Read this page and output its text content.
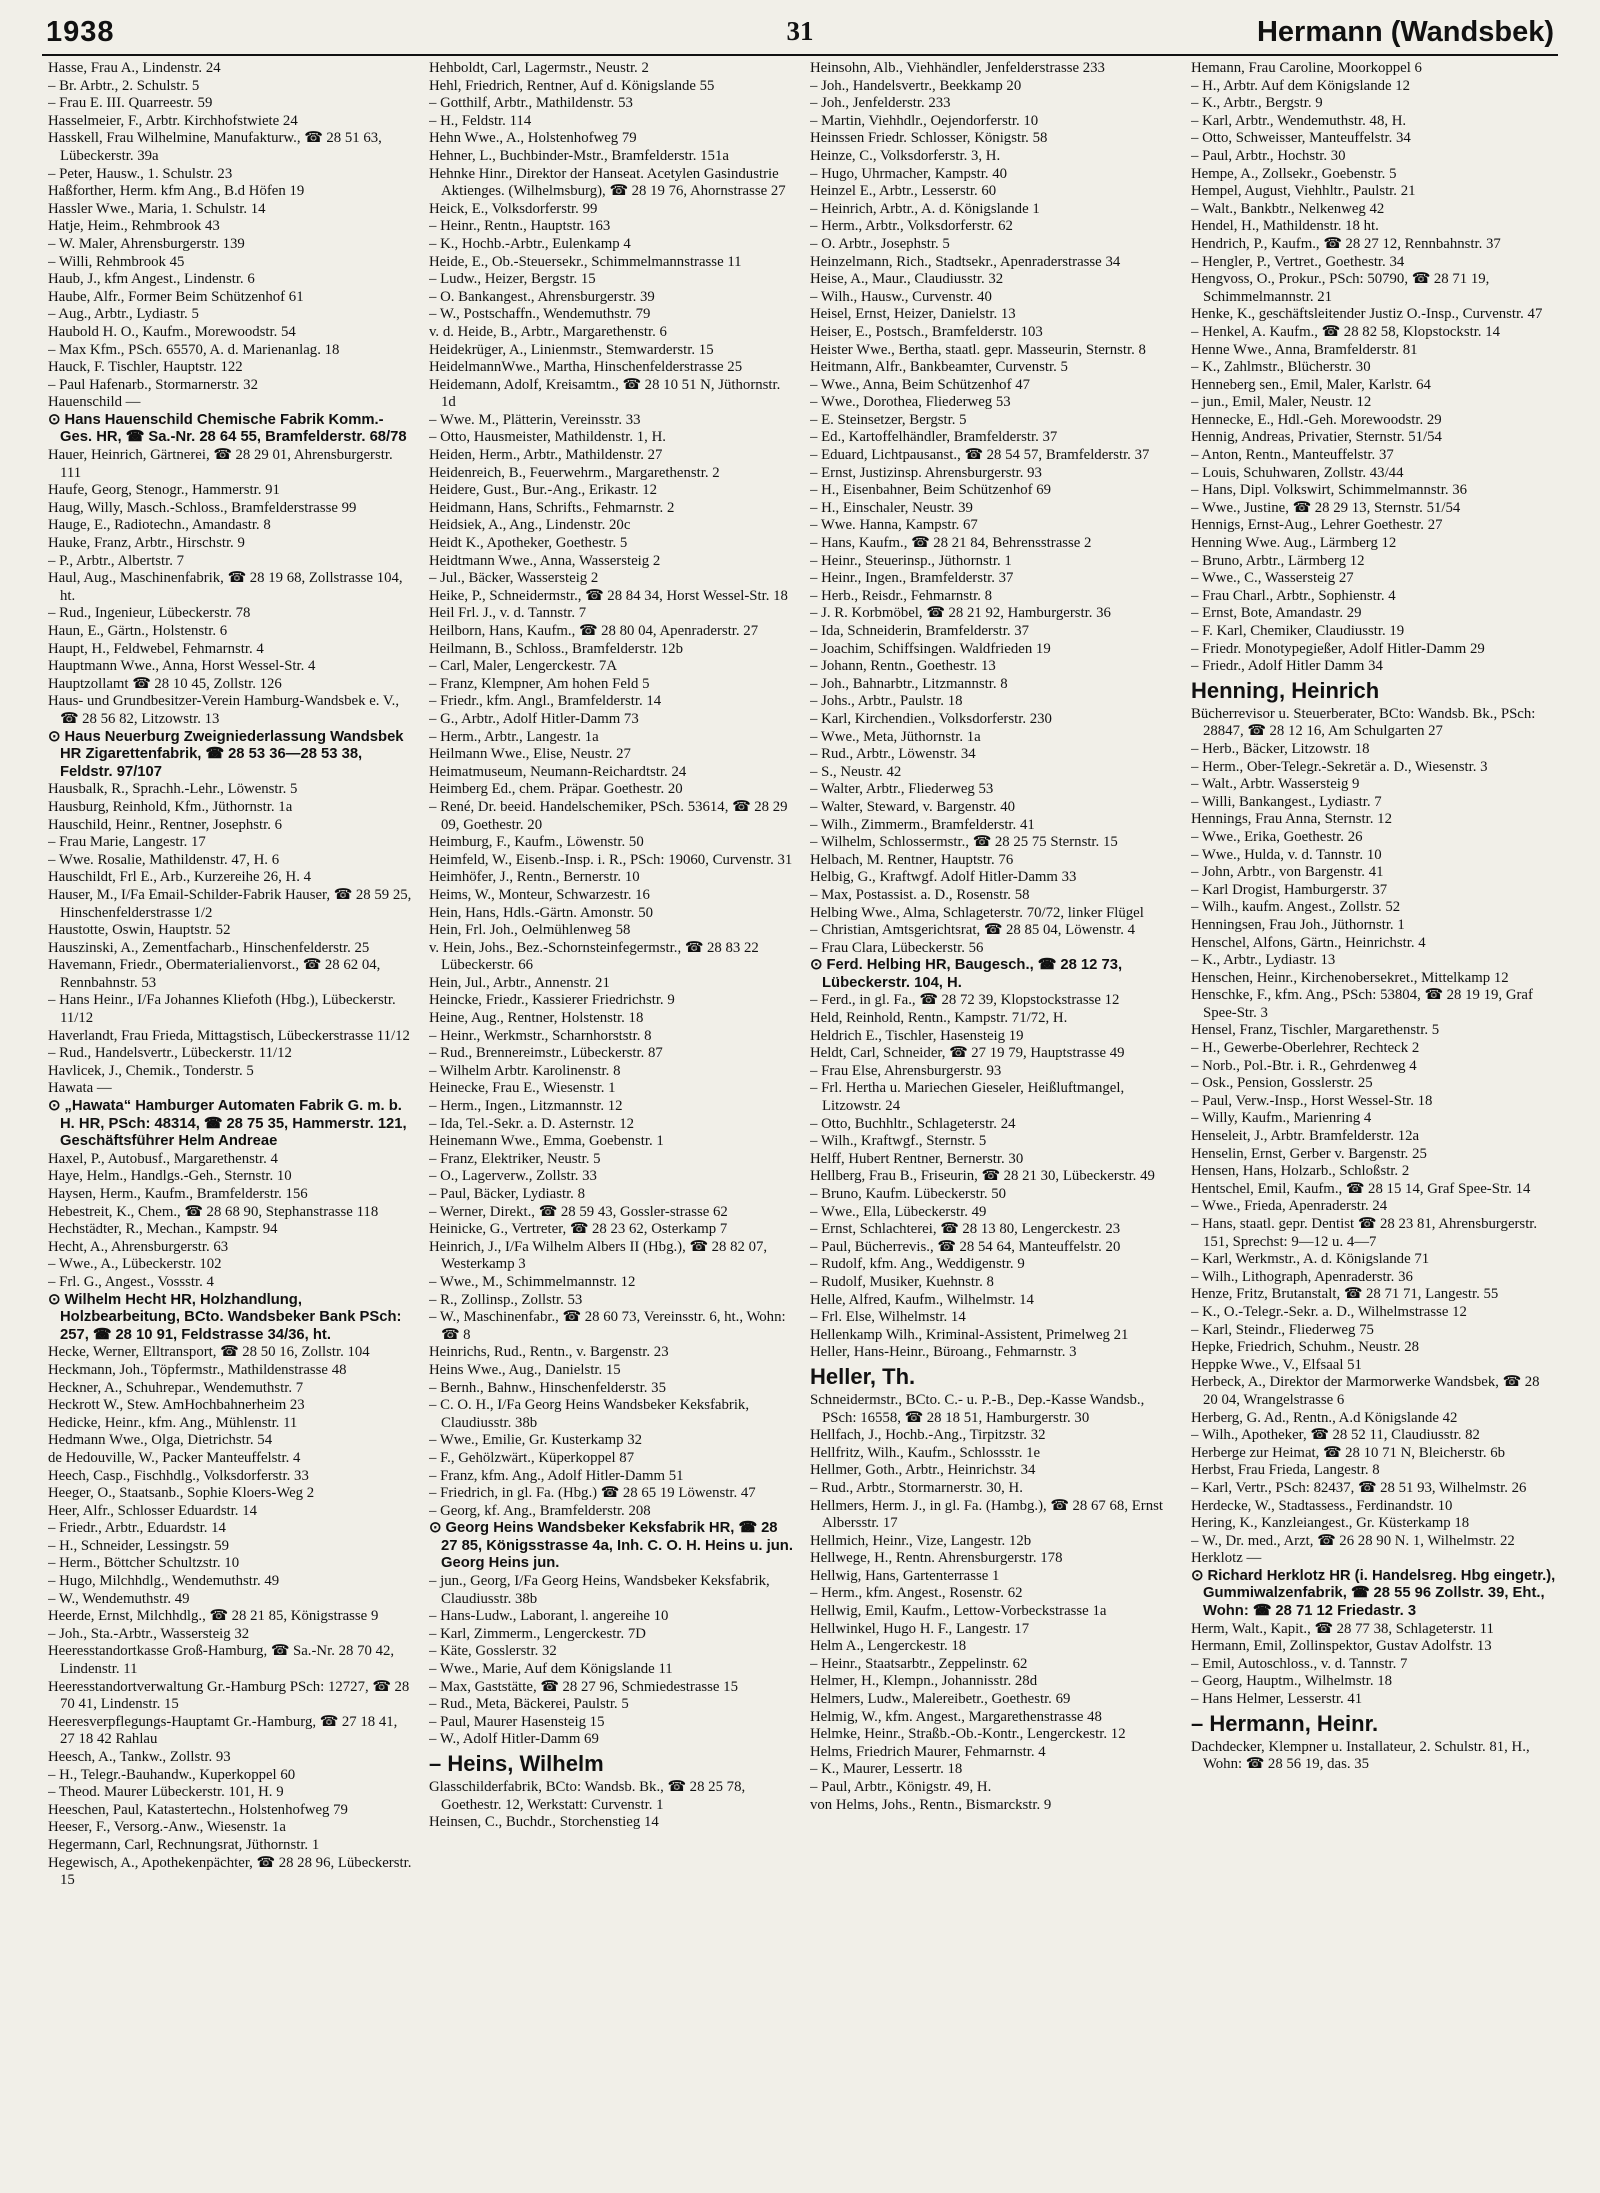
1938	31	Hermann (Wandsbek)
Hasse, Frau A., Lindenstr. 24
– Br. Arbtr., 2. Schulstr. 5
– Frau E. III. Quarreestr. 59
Hasselmeier, F., Arbtr. Kirchhofstwiete 24
Hasskell, Frau Wilhelmine, Manufakturw., ☎ 28 51 63, Lübeckerstr. 39a
– Peter, Hausw., 1. Schulstr. 23
Haßforther, Herm. kfm Ang., B.d Höfen 19
Hassler Wwe., Maria, 1. Schulstr. 14
Hatje, Heim., Rehmbrook 43
– W. Maler, Ahrensburgerstr. 139
– Willi, Rehmbrook 45
Haub, J., kfm Angest., Lindenstr. 6
Haube, Alfr., Former Beim Schützenhof 61
– Aug., Arbtr., Lydiastr. 5
Haubold H. O., Kaufm., Morewoodstr. 54
– Max Kfm., PSch. 65570, A. d. Marienanlag. 18
Hauck, F. Tischler, Hauptstr. 122
– Paul Hafenarb., Stormarnerstr. 32
Hauenschild —
⊙ Hans Hauenschild Chemische Fabrik Komm.-Ges. HR, ☎ Sa.-Nr. 28 64 55, Bramfelderstr. 68/78
Hauer, Heinrich, Gärtnerei, ☎ 28 29 01, Ahrensburgerstr. 111
Haufe, Georg, Stenogr., Hammerstr. 91
Haug, Willy, Masch.-Schloss., Bramfelderstrasse 99
Hauge, E., Radiotechn., Amandastr. 8
Hauke, Franz, Arbtr., Hirschstr. 9
– P., Arbtr., Albertstr. 7
Haul, Aug., Maschinenfabrik, ☎ 28 19 68, Zollstrasse 104, ht.
– Rud., Ingenieur, Lübeckerstr. 78
Haun, E., Gärtn., Holstenstr. 6
Haupt, H., Feldwebel, Fehmarnstr. 4
Hauptmann Wwe., Anna, Horst Wessel-Str. 4
Hauptzollamt ☎ 28 10 45, Zollstr. 126
Haus- und Grundbesitzer-Verein Hamburg-Wandsbek e. V., ☎ 28 56 82, Litzowstr. 13
⊙ Haus Neuerburg Zweigniederlassung Wandsbek HR Zigarettenfabrik, ☎ 28 53 36—28 53 38, Feldstr. 97/107
Hausbalk, R., Sprachh.-Lehr., Löwenstr. 5
Hausburg, Reinhold, Kfm., Jüthornstr. 1a
Hauschild, Heinr., Rentner, Josephstr. 6
– Frau Marie, Langestr. 17
– Wwe. Rosalie, Mathildenstr. 47, H. 6
Hauschildt, Frl E., Arb., Kurzereihe 26, H. 4
Hauser, M., I/Fa Email-Schilder-Fabrik Hauser, ☎ 28 59 25, Hinschenfelderstrasse 1/2
Haustotte, Oswin, Hauptstr. 52
Hauszinski, A., Zementfacharb., Hinschenfelderstr. 25
Havemann, Friedr., Obermaterialienvorst., ☎ 28 62 04, Rennbahnstr. 53
– Hans Heinr., I/Fa Johannes Kliefoth (Hbg.), Lübeckerstr. 11/12
Haverlandt, Frau Frieda, Mittagstisch, Lübeckerstrasse 11/12
– Rud., Handelsvertr., Lübeckerstr. 11/12
Havlicek, J., Chemik., Tonderstr. 5
Hawata —
⊙ „Hawata“ Hamburger Automaten Fabrik G. m. b. H. HR, PSch: 48314, ☎ 28 75 35, Hammerstr. 121, Geschäftsführer Helm Andreae
Haxel, P., Autobusf., Margarethenstr. 4
Haye, Helm., Handlgs.-Geh., Sternstr. 10
Haysen, Herm., Kaufm., Bramfelderstr. 156
Hebestreit, K., Chem., ☎ 28 68 90, Stephanstrasse 118
Hechstädter, R., Mechan., Kampstr. 94
Hecht, A., Ahrensburgerstr. 63
– Wwe., A., Lübeckerstr. 102
– Frl. G., Angest., Vossstr. 4
⊙ Wilhelm Hecht HR, Holzhandlung, Holzbearbeitung, BCto. Wandsbeker Bank PSch: 257, ☎ 28 10 91, Feldstrasse 34/36, ht.
Hecke, Werner, Elltransport, ☎ 28 50 16, Zollstr. 104
Heckmann, Joh., Töpfermstr., Mathildenstrasse 48
Heckner, A., Schuhrepar., Wendemuthstr. 7
Heckrott W., Stew. AmHochbahnerheim 23
Hedicke, Heinr., kfm. Ang., Mühlenstr. 11
Hedmann Wwe., Olga, Dietrichstr. 54
de Hedouville, W., Packer Manteuffelstr. 4
Heech, Casp., Fischhdlg., Volksdorferstr. 33
Heeger, O., Staatsanb., Sophie Kloers-Weg 2
Heer, Alfr., Schlosser Eduardstr. 14
– Friedr., Arbtr., Eduardstr. 14
– H., Schneider, Lessingstr. 59
– Herm., Böttcher Schultzstr. 10
– Hugo, Milchhdlg., Wendemuthstr. 49
– W., Wendemuthstr. 49
Heerde, Ernst, Milchhdlg., ☎ 28 21 85, Königstrasse 9
– Joh., Sta.-Arbtr., Wassersteig 32
Heeresstandortkasse Groß-Hamburg, ☎ Sa.-Nr. 28 70 42, Lindenstr. 11
Heeresstandortverwaltung Gr.-Hamburg PSch: 12727, ☎ 28 70 41, Lindenstr. 15
Heeresverpflegungs-Hauptamt Gr.-Hamburg, ☎ 27 18 41, 27 18 42 Rahlau
Heesch, A., Tankw., Zollstr. 93
– H., Telegr.-Bauhandw., Kuperkoppel 60
– Theod. Maurer Lübeckerstr. 101, H. 9
Heeschen, Paul, Katastertechn., Holstenhofweg 79
Heeser, F., Versorg.-Anw., Wiesenstr. 1a
Hegermann, Carl, Rechnungsrat, Jüthornstr. 1
Hegewisch, A., Apothekenpächter, ☎ 28 28 96, Lübeckerstr. 15
Hehboldt, Carl, Lagermstr., Neustr. 2
Hehl, Friedrich, Rentner, Auf d. Königslande 55
– Gotthilf, Arbtr., Mathildenstr. 53
– H., Feldstr. 114
Hehn Wwe., A., Holstenhofweg 79
Hehner, L., Buchbinder-Mstr., Bramfelderstr. 151a
Hehnke Hinr., Direktor der Hanseat. Acetylen Gasindustrie Aktienges. (Wilhelmsburg), ☎ 28 19 76, Ahornstrasse 27
Heick, E., Volksdorferstr. 99
– Heinr., Rentn., Hauptstr. 163
– K., Hochb.-Arbtr., Eulenkamp 4
Heide, E., Ob.-Steuersekr., Schimmelmannstrasse 11
– Ludw., Heizer, Bergstr. 15
– O. Bankangest., Ahrensburgerstr. 39
– W., Postschaffn., Wendemuthstr. 79
v. d. Heide, B., Arbtr., Margarethenstr. 6
Heidekrüger, A., Linienmstr., Stemwarderstr. 15
HeidelmannWwe., Martha, Hinschenfelderstrasse 25
Heidemann, Adolf, Kreisamtm., ☎ 28 10 51 N, Jüthornstr. 1d
– Wwe. M., Plätterin, Vereinsstr. 33
– Otto, Hausmeister, Mathildenstr. 1, H.
Heiden, Herm., Arbtr., Mathildenstr. 27
Heidenreich, B., Feuerwehrm., Margarethenstr. 2
Heidere, Gust., Bur.-Ang., Erikastr. 12
Heidmann, Hans, Schrifts., Fehmarnstr. 2
Heidsiek, A., Ang., Lindenstr. 20c
Heidt K., Apotheker, Goethestr. 5
Heidtmann Wwe., Anna, Wassersteig 2
– Jul., Bäcker, Wassersteig 2
Heike, P., Schneidermstr., ☎ 28 84 34, Horst Wessel-Str. 18
Heil Frl. J., v. d. Tannstr. 7
Heilborn, Hans, Kaufm., ☎ 28 80 04, Apenraderstr. 27
Heilmann, B., Schloss., Bramfelderstr. 12b
– Carl, Maler, Lengerckestr. 7A
– Franz, Klempner, Am hohen Feld 5
– Friedr., kfm. Angl., Bramfelderstr. 14
– G., Arbtr., Adolf Hitler-Damm 73
– Herm., Arbtr., Langestr. 1a
Heilmann Wwe., Elise, Neustr. 27
Heimatmuseum, Neumann-Reichardtstr. 24
Heimberg Ed., chem. Präpar. Goethestr. 20
– René, Dr. beeid. Handelschemiker, PSch. 53614, ☎ 28 29 09, Goethestr. 20
Heimburg, F., Kaufm., Löwenstr. 50
Heimfeld, W., Eisenb.-Insp. i. R., PSch: 19060, Curvenstr. 31
Heimhöfer, J., Rentn., Bernerstr. 10
Heims, W., Monteur, Schwarzestr. 16
Hein, Hans, Hdls.-Gärtn. Amonstr. 50
Hein, Frl. Joh., Oelmühlenweg 58
v. Hein, Johs., Bez.-Schornsteinfegermstr., ☎ 28 83 22 Lübeckerstr. 66
Hein, Jul., Arbtr., Annenstr. 21
Heincke, Friedr., Kassierer Friedrichstr. 9
Heine, Aug., Rentner, Holstenstr. 18
– Heinr., Werkmstr., Scharnhorststr. 8
– Rud., Brennereimstr., Lübeckerstr. 87
– Wilhelm Arbtr. Karolinenstr. 8
Heinecke, Frau E., Wiesenstr. 1
– Herm., Ingen., Litzmannstr. 12
– Ida, Tel.-Sekr. a. D. Asternstr. 12
Heinemann Wwe., Emma, Goebenstr. 1
– Franz, Elektriker, Neustr. 5
– O., Lagerverw., Zollstr. 33
– Paul, Bäcker, Lydiastr. 8
– Werner, Direkt., ☎ 28 59 43, Gossler-strasse 62
Heinicke, G., Vertreter, ☎ 28 23 62, Osterkamp 7
Heinrich, J., I/Fa Wilhelm Albers II (Hbg.), ☎ 28 82 07, Westerkamp 3
– Wwe., M., Schimmelmannstr. 12
– R., Zollinsp., Zollstr. 53
– W., Maschinenfabr., ☎ 28 60 73, Vereinsstr. 6, ht., Wohn: ☎ 8
Heinrichs, Rud., Rentn., v. Bargenstr. 23
Heins Wwe., Aug., Danielstr. 15
– Bernh., Bahnw., Hinschenfelderstr. 35
– C. O. H., I/Fa Georg Heins Wandsbeker Keksfabrik, Claudiusstr. 38b
– Wwe., Emilie, Gr. Kusterkamp 32
– F., Gehölzwärt., Küperkoppel 87
– Franz, kfm. Ang., Adolf Hitler-Damm 51
– Friedrich, in gl. Fa. (Hbg.) ☎ 28 65 19 Löwenstr. 47
– Georg, kf. Ang., Bramfelderstr. 208
⊙ Georg Heins Wandsbeker Keksfabrik HR, ☎ 28 27 85, Königsstrasse 4a, Inh. C. O. H. Heins u. jun. Georg Heins jun.
– jun., Georg, I/Fa Georg Heins, Wandsbeker Keksfabrik, Claudiusstr. 38b
– Hans-Ludw., Laborant, l. angereihe 10
– Karl, Zimmerm., Lengerckestr. 7D
– Käte, Gosslerstr. 32
– Wwe., Marie, Auf dem Königslande 11
– Max, Gaststätte, ☎ 28 27 96, Schmiedestrasse 15
– Rud., Meta, Bäckerei, Paulstr. 5
– Paul, Maurer Hasensteig 15
– W., Adolf Hitler-Damm 69
– Heins, Wilhelm
Glasschilderfabrik, BCto: Wandsb. Bk., ☎ 28 25 78, Goethestr. 12, Werkstatt: Curvenstr. 1
Heinsen, C., Buchdr., Storchenstieg 14
Heinsohn, Alb., Viehhändler, Jenfelderstrasse 233
– Joh., Handelsvertr., Beekkamp 20
– Joh., Jenfelderstr. 233
– Martin, Viehhdlr., Oejendorferstr. 10
Heinssen Friedr. Schlosser, Königstr. 58
Heinze, C., Volksdorferstr. 3, H.
– Hugo, Uhrmacher, Kampstr. 40
Heinzel E., Arbtr., Lesserstr. 60
– Heinrich, Arbtr., A. d. Königslande 1
– Herm., Arbtr., Volksdorferstr. 62
– O. Arbtr., Josephstr. 5
Heinzelmann, Rich., Stadtsekr., Apenraderstrasse 34
Heise, A., Maur., Claudiusstr. 32
– Wilh., Hausw., Curvenstr. 40
Heisel, Ernst, Heizer, Danielstr. 13
Heiser, E., Postsch., Bramfelderstr. 103
Heister Wwe., Bertha, staatl. gepr. Masseurin, Sternstr. 8
Heitmann, Alfr., Bankbeamter, Curvenstr. 5
– Wwe., Anna, Beim Schützenhof 47
– Wwe., Dorothea, Fliederweg 53
– E. Steinsetzer, Bergstr. 5
– Ed., Kartoffelhändler, Bramfelderstr. 37
– Eduard, Lichtpausanst., ☎ 28 54 57, Bramfelderstr. 37
– Ernst, Justizinsp. Ahrensburgerstr. 93
– H., Eisenbahner, Beim Schützenhof 69
– H., Einschaler, Neustr. 39
– Wwe. Hanna, Kampstr. 67
– Hans, Kaufm., ☎ 28 21 84, Behrensstrasse 2
– Heinr., Steuerinsp., Jüthornstr. 1
– Heinr., Ingen., Bramfelderstr. 37
– Herb., Reisdr., Fehmarnstr. 8
– J. R. Korbmöbel, ☎ 28 21 92, Hamburgerstr. 36
– Ida, Schneiderin, Bramfelderstr. 37
– Joachim, Schiffsingen. Waldfrieden 19
– Johann, Rentn., Goethestr. 13
– Joh., Bahnarbtr., Litzmannstr. 8
– Johs., Arbtr., Paulstr. 18
– Karl, Kirchendien., Volksdorferstr. 230
– Wwe., Meta, Jüthornstr. 1a
– Rud., Arbtr., Löwenstr. 34
– S., Neustr. 42
– Walter, Arbtr., Fliederweg 53
– Walter, Steward, v. Bargenstr. 40
– Wilh., Zimmerm., Bramfelderstr. 41
– Wilhelm, Schlossermstr., ☎ 28 25 75 Sternstr. 15
Helbach, M. Rentner, Hauptstr. 76
Helbig, G., Kraftwgf. Adolf Hitler-Damm 33
– Max, Postassist. a. D., Rosenstr. 58
Helbing Wwe., Alma, Schlageterstr. 70/72, linker Flügel
– Christian, Amtsgerichtsrat, ☎ 28 85 04, Löwenstr. 4
– Frau Clara, Lübeckerstr. 56
⊙ Ferd. Helbing HR, Baugesch., ☎ 28 12 73, Lübeckerstr. 104, H.
– Ferd., in gl. Fa., ☎ 28 72 39, Klopstockstrasse 12
Held, Reinhold, Rentn., Kampstr. 71/72, H.
Heldrich E., Tischler, Hasensteig 19
Heldt, Carl, Schneider, ☎ 27 19 79, Hauptstrasse 49
– Frau Else, Ahrensburgerstr. 93
– Frl. Hertha u. Mariechen Gieseler, Heißluftmangel, Litzowstr. 24
– Otto, Buchhltr., Schlageterstr. 24
– Wilh., Kraftwgf., Sternstr. 5
Helff, Hubert Rentner, Bernerstr. 30
Hellberg, Frau B., Friseurin, ☎ 28 21 30, Lübeckerstr. 49
– Bruno, Kaufm. Lübeckerstr. 50
– Wwe., Ella, Lübeckerstr. 49
– Ernst, Schlachterei, ☎ 28 13 80, Lengerckestr. 23
– Paul, Bücherrevis., ☎ 28 54 64, Manteuffelstr. 20
– Rudolf, kfm. Ang., Weddigenstr. 9
– Rudolf, Musiker, Kuehnstr. 8
Helle, Alfred, Kaufm., Wilhelmstr. 14
– Frl. Else, Wilhelmstr. 14
Hellenkamp Wilh., Kriminal-Assistent, Primelweg 21
Heller, Hans-Heinr., Büroang., Fehmarnstr. 3
Heller, Th.
Schneidermstr., BCto. C.- u. P.-B., Dep.-Kasse Wandsb., PSch: 16558, ☎ 28 18 51, Hamburgerstr. 30
Hellfach, J., Hochb.-Ang., Tirpitzstr. 32
Hellfritz, Wilh., Kaufm., Schlossstr. 1e
Hellmer, Goth., Arbtr., Heinrichstr. 34
– Rud., Arbtr., Stormarnerstr. 30, H.
Hellmers, Herm. J., in gl. Fa. (Hambg.), ☎ 28 67 68, Ernst Albersstr. 17
Hellmich, Heinr., Vize, Langestr. 12b
Hellwege, H., Rentn. Ahrensburgerstr. 178
Hellwig, Hans, Gartenterrasse 1
– Herm., kfm. Angest., Rosenstr. 62
Hellwig, Emil, Kaufm., Lettow-Vorbeckstrasse 1a
Hellwinkel, Hugo H. F., Langestr. 17
Helm A., Lengerckestr. 18
– Heinr., Staatsarbtr., Zeppelinstr. 62
Helmer, H., Klempn., Johannisstr. 28d
Helmers, Ludw., Malereibetr., Goethestr. 69
Helmig, W., kfm. Angest., Margarethenstrasse 48
Helmke, Heinr., Straßb.-Ob.-Kontr., Lengerckestr. 12
Helms, Friedrich Maurer, Fehmarnstr. 4
– K., Maurer, Lessertr. 18
– Paul, Arbtr., Königstr. 49, H.
von Helms, Johs., Rentn., Bismarckstr. 9
Hemann, Frau Caroline, Moorkoppel 6
– H., Arbtr. Auf dem Königslande 12
– K., Arbtr., Bergstr. 9
– Karl, Arbtr., Wendemuthstr. 48, H.
– Otto, Schweisser, Manteuffelstr. 34
– Paul, Arbtr., Hochstr. 30
Hempe, A., Zollsekr., Goebenstr. 5
Hempel, August, Viehhltr., Paulstr. 21
– Walt., Bankbtr., Nelkenweg 42
Hendel, H., Mathildenstr. 18 ht.
Hendrich, P., Kaufm., ☎ 28 27 12, Rennbahnstr. 37
– Hengler, P., Vertret., Goethestr. 34
Hengvoss, O., Prokur., PSch: 50790, ☎ 28 71 19, Schimmelmannstr. 21
Henke, K., geschäftsleitender Justiz O.-Insp., Curvenstr. 47
– Henkel, A. Kaufm., ☎ 28 82 58, Klopstockstr. 14
Henne Wwe., Anna, Bramfelderstr. 81
– K., Zahlmstr., Blücherstr. 30
Henneberg sen., Emil, Maler, Karlstr. 64
– jun., Emil, Maler, Neustr. 12
Hennecke, E., Hdl.-Geh. Morewoodstr. 29
Hennig, Andreas, Privatier, Sternstr. 51/54
– Anton, Rentn., Manteuffelstr. 37
– Louis, Schuhwaren, Zollstr. 43/44
– Hans, Dipl. Volkswirt, Schimmelmannstr. 36
– Wwe., Justine, ☎ 28 29 13, Sternstr. 51/54
Hennigs, Ernst-Aug., Lehrer Goethestr. 27
Henning Wwe. Aug., Lärmberg 12
– Bruno, Arbtr., Lärmberg 12
– Wwe., C., Wassersteig 27
– Frau Charl., Arbtr., Sophienstr. 4
– Ernst, Bote, Amandastr. 29
– F. Karl, Chemiker, Claudiusstr. 19
– Friedr. Monotypegießer, Adolf Hitler-Damm 29
– Friedr., Adolf Hitler Damm 34
Henning, Heinrich
Bücherrevisor u. Steuerberater, BCto: Wandsb. Bk., PSch: 28847, ☎ 28 12 16, Am Schulgarten 27
– Herb., Bäcker, Litzowstr. 18
– Herm., Ober-Telegr.-Sekretär a. D., Wiesenstr. 3
– Walt., Arbtr. Wassersteig 9
– Willi, Bankangest., Lydiastr. 7
Hennings, Frau Anna, Sternstr. 12
– Wwe., Erika, Goethestr. 26
– Wwe., Hulda, v. d. Tannstr. 10
– John, Arbtr., von Bargenstr. 41
– Karl Drogist, Hamburgerstr. 37
– Wilh., kaufm. Angest., Zollstr. 52
Henningsen, Frau Joh., Jüthornstr. 1
Henschel, Alfons, Gärtn., Heinrichstr. 4
– K., Arbtr., Lydiastr. 13
Henschen, Heinr., Kirchenobersekret., Mittelkamp 12
Henschke, F., kfm. Ang., PSch: 53804, ☎ 28 19 19, Graf Spee-Str. 3
Hensel, Franz, Tischler, Margarethenstr. 5
– H., Gewerbe-Oberlehrer, Rechteck 2
– Norb., Pol.-Btr. i. R., Gehrdenweg 4
– Osk., Pension, Gosslerstr. 25
– Paul, Verw.-Insp., Horst Wessel-Str. 18
– Willy, Kaufm., Marienring 4
Henseleit, J., Arbtr. Bramfelderstr. 12a
Henselin, Ernst, Gerber v. Bargenstr. 25
Hensen, Hans, Holzarb., Schloßstr. 2
Hentschel, Emil, Kaufm., ☎ 28 15 14, Graf Spee-Str. 14
– Wwe., Frieda, Apenraderstr. 24
– Hans, staatl. gepr. Dentist ☎ 28 23 81, Ahrensburgerstr. 151, Sprechst: 9—12 u. 4—7
– Karl, Werkmstr., A. d. Königslande 71
– Wilh., Lithograph, Apenraderstr. 36
Henze, Fritz, Brutanstalt, ☎ 28 71 71, Langestr. 55
– K., O.-Telegr.-Sekr. a. D., Wilhelmstrasse 12
– Karl, Steindr., Fliederweg 75
Hepke, Friedrich, Schuhm., Neustr. 28
Heppke Wwe., V., Elfsaal 51
Herbeck, A., Direktor der Marmorwerke Wandsbek, ☎ 28 20 04, Wrangelstrasse 6
Herberg, G. Ad., Rentn., A.d Königslande 42
– Wilh., Apotheker, ☎ 28 52 11, Claudiusstr. 82
Herberge zur Heimat, ☎ 28 10 71 N, Bleicherstr. 6b
Herbst, Frau Frieda, Langestr. 8
– Karl, Vertr., PSch: 82437, ☎ 28 51 93, Wilhelmstr. 26
Herdecke, W., Stadtassess., Ferdinandstr. 10
Hering, K., Kanzleiangest., Gr. Küsterkamp 18
– W., Dr. med., Arzt, ☎ 26 28 90 N. 1, Wilhelmstr. 22
Herklotz —
⊙ Richard Herklotz HR (i. Handelsreg. Hbg eingetr.), Gummiwalzenfabrik, ☎ 28 55 96 Zollstr. 39, Eht., Wohn: ☎ 28 71 12 Friedastr. 3
Herm, Walt., Kapit., ☎ 28 77 38, Schlageterstr. 11
Hermann, Emil, Zollinspektor, Gustav Adolfstr. 13
– Emil, Autoschloss., v. d. Tannstr. 7
– Georg, Hauptm., Wilhelmstr. 18
– Hans Helmer, Lesserstr. 41
– Hermann, Heinr.
Dachdecker, Klempner u. Installateur, 2. Schulstr. 81, H., Wohn: ☎ 28 56 19, das. 35
